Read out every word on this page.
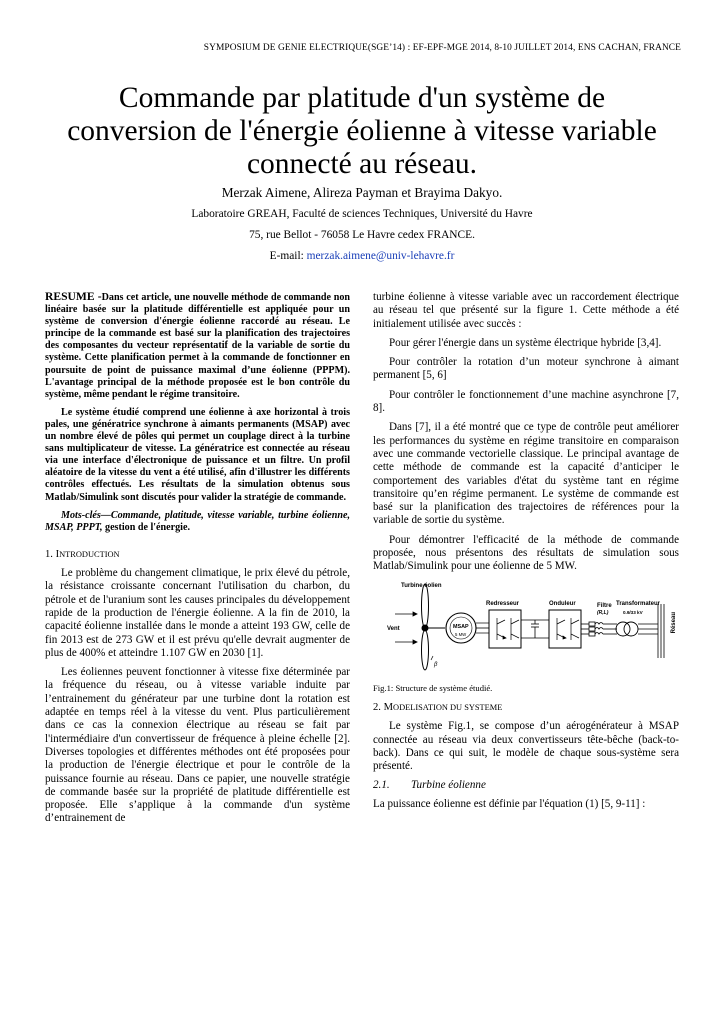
SYMPOSIUM DE GENIE ELECTRIQUE(SGE’14) : EF-EPF-MGE 2014, 8-10 JUILLET 2014, ENS CACHAN, FRANCE
Commande par platitude d'un système de
conversion de l'énergie éolienne à vitesse variable
connecté au réseau.
Merzak Aimene, Alireza Payman et Brayima Dakyo.
Laboratoire GREAH, Faculté de sciences Techniques, Université du Havre
75, rue Bellot - 76058 Le Havre cedex FRANCE.
E-mail: merzak.aimene@univ-lehavre.fr

RESUME -Dans cet article, une nouvelle méthode de commande non linéaire basée sur la platitude différentielle est appliquée pour un système de conversion d'énergie éolienne raccordé au réseau. Le principe de la commande est basé sur la planification des trajectoires des composantes du vecteur représentatif de la variable de sortie du système. Cette planification permet à la commande de fonctionner en poursuite de point de puissance maximal d’une éolienne (PPPM). L'avantage principal de la méthode proposée est le bon contrôle du système, même pendant le régime transitoire.

Le système étudié comprend une éolienne à axe horizontal à trois pales, une génératrice synchrone à aimants permanents (MSAP) avec un nombre élevé de pôles qui permet un couplage direct à la turbine sans multiplicateur de vitesse. La génératrice est connectée au réseau via une interface d'électronique de puissance et un filtre. Un profil aléatoire de la vitesse du vent a été utilisé, afin d'illustrer les différents contrôles effectués. Les résultats de la simulation obtenus sous Matlab/Simulink sont discutés pour valider la stratégie de commande.

Mots-clés—Commande, platitude, vitesse variable, turbine éolienne, MSAP, PPPT, gestion de l'énergie.

1. INTRODUCTION

Le problème du changement climatique, le prix élevé du pétrole, la résistance croissante concernant l'utilisation du charbon, du pétrole et de l'uranium sont les causes principales du développement rapide de la production de l'énergie éolienne. A la fin de 2010, la capacité éolienne installée dans le monde a atteint 193 GW, celle de fin 2013 est de 273 GW et il est prévu qu'elle devrait augmenter de plus de 400% et atteindre 1.107 GW en 2030 [1].

Les éoliennes peuvent fonctionner à vitesse fixe déterminée par la fréquence du réseau, ou à vitesse variable induite par l’entrainement du générateur par une turbine dont la rotation est adaptée en temps réel à la vitesse du vent. Plus particulièrement dans ce cas la connexion électrique au réseau se fait par l'intermédiaire d'un convertisseur de fréquence à pleine échelle [2]. Diverses topologies et différentes méthodes ont été proposées pour la production de l'énergie électrique et pour le contrôle de la puissance fournie au réseau. Dans ce papier, une nouvelle stratégie de commande basée sur la propriété de platitude différentielle est proposée. Elle s’applique à la commande d'un système d’entrainement de

turbine éolienne à vitesse variable avec un raccordement électrique au réseau tel que présenté sur la figure 1. Cette méthode a été initialement utilisée avec succès :

Pour gérer l'énergie dans un système électrique hybride [3,4].

Pour contrôler la rotation d’un moteur synchrone à aimant permanent [5, 6]

Pour contrôler le fonctionnement d’une machine asynchrone [7, 8].

Dans [7], il a été montré que ce type de contrôle peut améliorer les performances du système en régime transitoire en comparaison avec une commande vectorielle classique. Le principal avantage de cette méthode de commande est la capacité d’anticiper le comportement des variables d'état du système tant en régime transitoire qu’en régime permanent. Le système de commande est basé sur la planification des trajectoires de références pour la variable de sortie du système.

Pour démontrer l'efficacité de la méthode de commande proposée, nous présentons des résultats de simulation sous Matlab/Simulink pour une éolienne de 5 MW.

Turbine éolien
Vent	MSAP
5 MW
Redresseur	Onduleur	Filtre Transformateur
(R,L)	0.9/33 kV	Réseau
β

Fig.1: Structure de système étudié.

2. MODELISATION DU SYSTEME

Le système Fig.1, se compose d’un aérogénérateur à MSAP connectée au réseau via deux convertisseurs tête-bêche (back-to-back). Dans ce qui suit, le modèle de chaque sous-système sera présenté.

2.1. Turbine éolienne

La puissance éolienne est définie par l'équation (1) [5, 9-11] :
